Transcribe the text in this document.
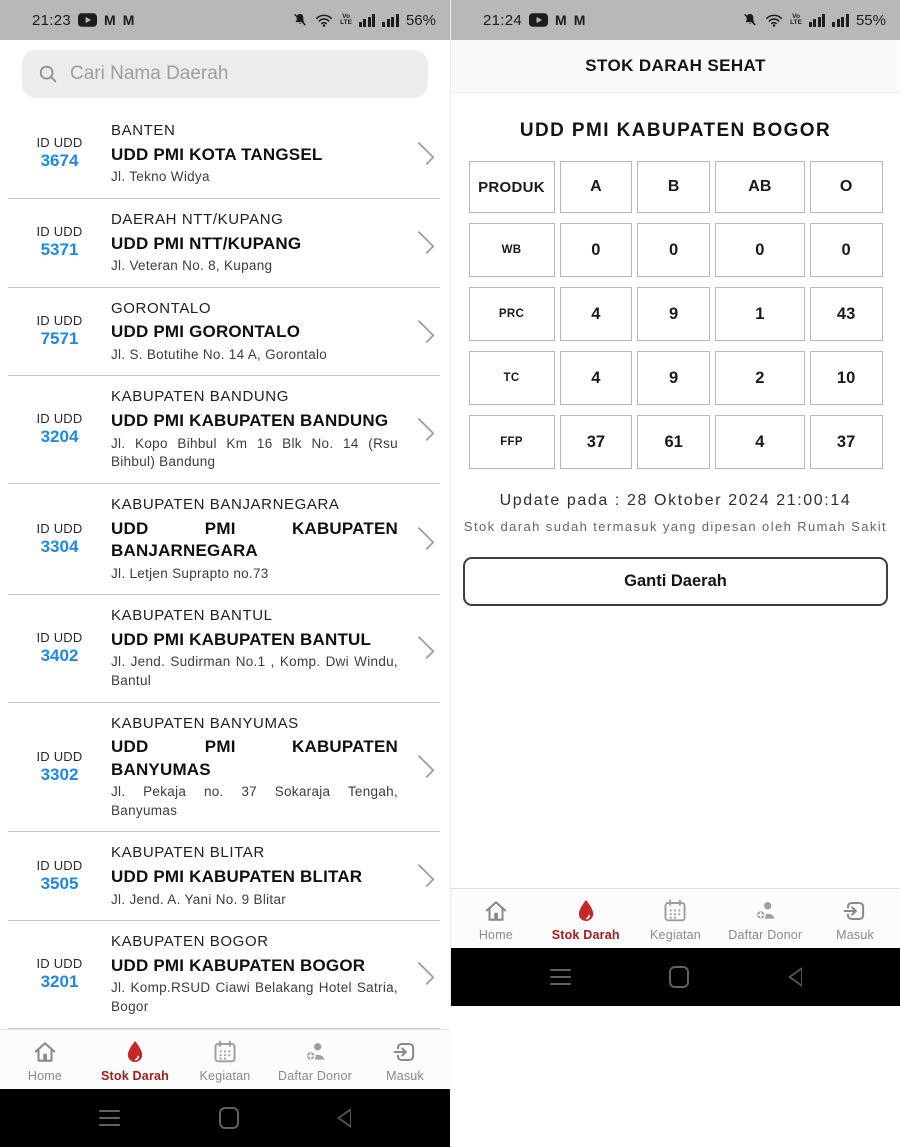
21:23 M M	Vo
LTE	56%
Cari Nama Daerah
ID UDD
3674
BANTEN
UDD PMI KOTA TANGSEL
Jl. Tekno Widya
ID UDD
5371
DAERAH NTT/KUPANG
UDD PMI NTT/KUPANG
Jl. Veteran No. 8, Kupang
ID UDD
7571
GORONTALO
UDD PMI GORONTALO
Jl. S. Botutihe No. 14 A, Gorontalo
ID UDD
3204
KABUPATEN BANDUNG
UDD PMI KABUPATEN BANDUNG
Jl. Kopo Bihbul Km 16 Blk No. 14 (Rsu Bihbul) Bandung
ID UDD
3304
KABUPATEN BANJARNEGARA
UDD PMI KABUPATEN BANJARNEGARA
Jl. Letjen Suprapto no.73
ID UDD
3402
KABUPATEN BANTUL
UDD PMI KABUPATEN BANTUL
Jl. Jend. Sudirman No.1 , Komp. Dwi Windu, Bantul
ID UDD
3302
KABUPATEN BANYUMAS
UDD PMI KABUPATEN BANYUMAS
Jl. Pekaja no. 37 Sokaraja Tengah, Banyumas
ID UDD
3505
KABUPATEN BLITAR
UDD PMI KABUPATEN BLITAR
Jl. Jend. A. Yani No. 9 Blitar
ID UDD
3201
KABUPATEN BOGOR
UDD PMI KABUPATEN BOGOR
Jl. Komp.RSUD Ciawi Belakang Hotel Satria, Bogor
Home	Stok Darah Kegiatan Daftar Donor	Masuk
21:24 M M	Vo
LTE	55%
STOK DARAH SEHAT
UDD PMI KABUPATEN BOGOR
PRODUK	A	B	AB	O
WB	0	0	0	0
PRC	4	9	1	43
TC	4	9	2	10
FFP	37	61	4	37
Update pada : 28 Oktober 2024 21:00:14
Stok darah sudah termasuk yang dipesan oleh Rumah Sakit
Ganti Daerah
Home	Stok Darah Kegiatan Daftar Donor	Masuk
